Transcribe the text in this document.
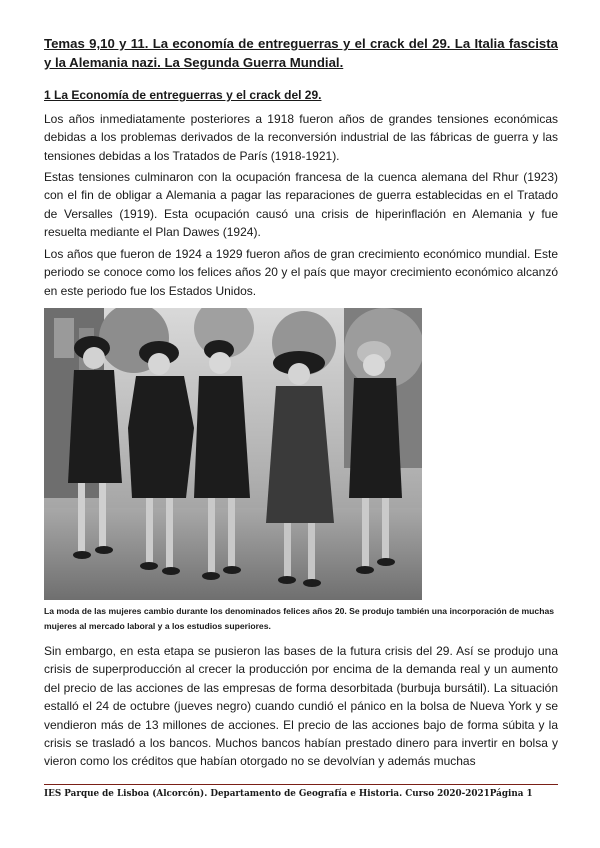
Temas 9,10 y 11. La economía de entreguerras y el crack del 29. La Italia fascista y la Alemania nazi. La Segunda Guerra Mundial.
1 La Economía de entreguerras y el crack del 29.

Los años inmediatamente posteriores a 1918 fueron años de grandes tensiones económicas debidas a los problemas derivados de la reconversión industrial de las fábricas de guerra y las tensiones debidas a los Tratados de París (1918-1921).

Estas tensiones culminaron con la ocupación francesa de la cuenca alemana del Rhur (1923) con el fin de obligar a Alemania a pagar las reparaciones de guerra establecidas en el Tratado de Versalles (1919). Esta ocupación causó una crisis de hiperinflación en Alemania y fue resuelta mediante el Plan Dawes (1924).

Los años que fueron de 1924 a 1929 fueron años de gran crecimiento económico mundial. Este periodo se conoce como los felices años 20 y el país que mayor crecimiento económico alcanzó en este periodo fue los Estados Unidos.

La moda de las mujeres cambio durante los denominados felices años 20. Se produjo también una incorporación de muchas mujeres al mercado laboral y a los estudios superiores.

Sin embargo, en esta etapa se pusieron las bases de la futura crisis del 29. Así se produjo una crisis de superproducción al crecer la producción por encima de la demanda real y un aumento del precio de las acciones de las empresas de forma desorbitada (burbuja bursátil). La situación estalló el 24 de octubre (jueves negro) cuando cundió el pánico en la bolsa de Nueva York y se vendieron más de 13 millones de acciones. El precio de las acciones bajo de forma súbita y la crisis se trasladó a los bancos. Muchos bancos habían prestado dinero para invertir en bolsa y vieron como los créditos que habían otorgado no se devolvían y además muchas

IES Parque de Lisboa (Alcorcón). Departamento de Geografía e Historia. Curso 2020-2021Página 1
